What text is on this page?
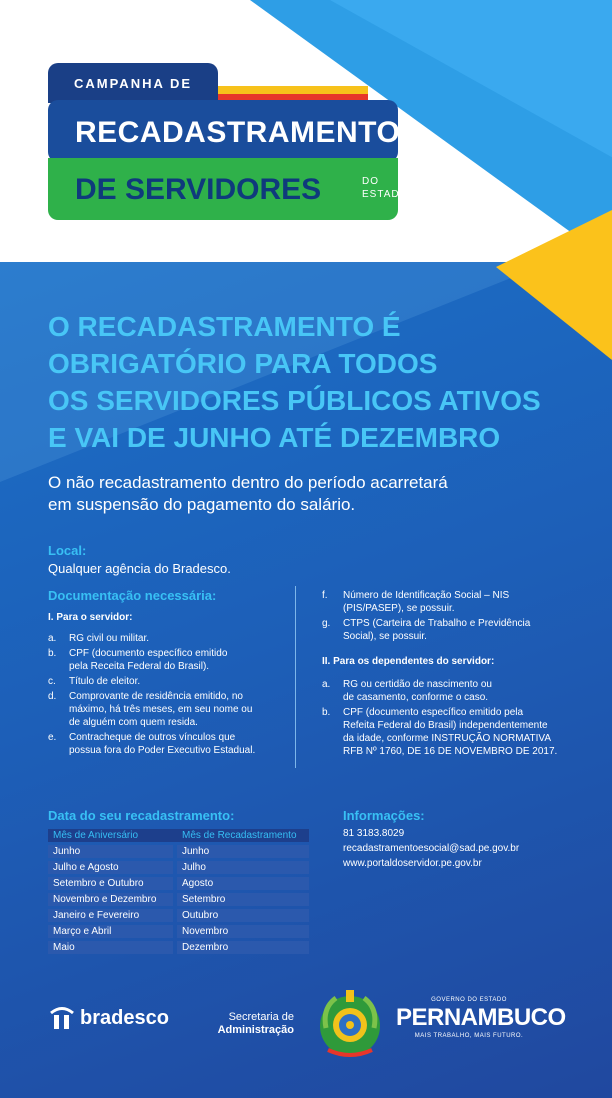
CAMPANHA DE
RECADASTRAMENTO
DE SERVIDORES	DO
ESTADO
O RECADASTRAMENTO É
OBRIGATÓRIO PARA TODOS
OS SERVIDORES PÚBLICOS ATIVOS
E VAI DE JUNHO ATÉ DEZEMBRO
O não recadastramento dentro do período acarretará
em suspensão do pagamento do salário.
Local:
Qualquer agência do Bradesco.
Documentação necessária:
I. Para o servidor:
a.	RG civil ou militar.
b.	CPF (documento específico emitido
pela Receita Federal do Brasil).
c.	Título de eleitor.
d.	Comprovante de residência emitido, no
máximo, há três meses, em seu nome ou
de alguém com quem resida.
e.	Contracheque de outros vínculos que
possua fora do Poder Executivo Estadual.
f.	Número de Identificação Social – NIS
(PIS/PASEP), se possuir.
g.	CTPS (Carteira de Trabalho e Previdência
Social), se possuir.
II. Para os dependentes do servidor:
a.	RG ou certidão de nascimento ou
de casamento, conforme o caso.
b.	CPF (documento específico emitido pela
Refeita Federal do Brasil) independentemente
da idade, conforme INSTRUÇÃO NORMATIVA
RFB Nº 1760, DE 16 DE NOVEMBRO DE 2017.
Data do seu recadastramento:
Mês de Aniversário		Mês de Recadastramento
Junho		Junho
Julho e Agosto		Julho
Setembro e Outubro		Agosto
Novembro e Dezembro		Setembro
Janeiro e Fevereiro		Outubro
Março e Abril		Novembro
Maio		Dezembro
Informações:
81 3183.8029
recadastramentoesocial@sad.pe.gov.br
www.portaldoservidor.pe.gov.br
bradesco	Secretaria de
Administração
GOVERNO DO ESTADO
PERNAMBUCO
MAIS TRABALHO, MAIS FUTURO.
